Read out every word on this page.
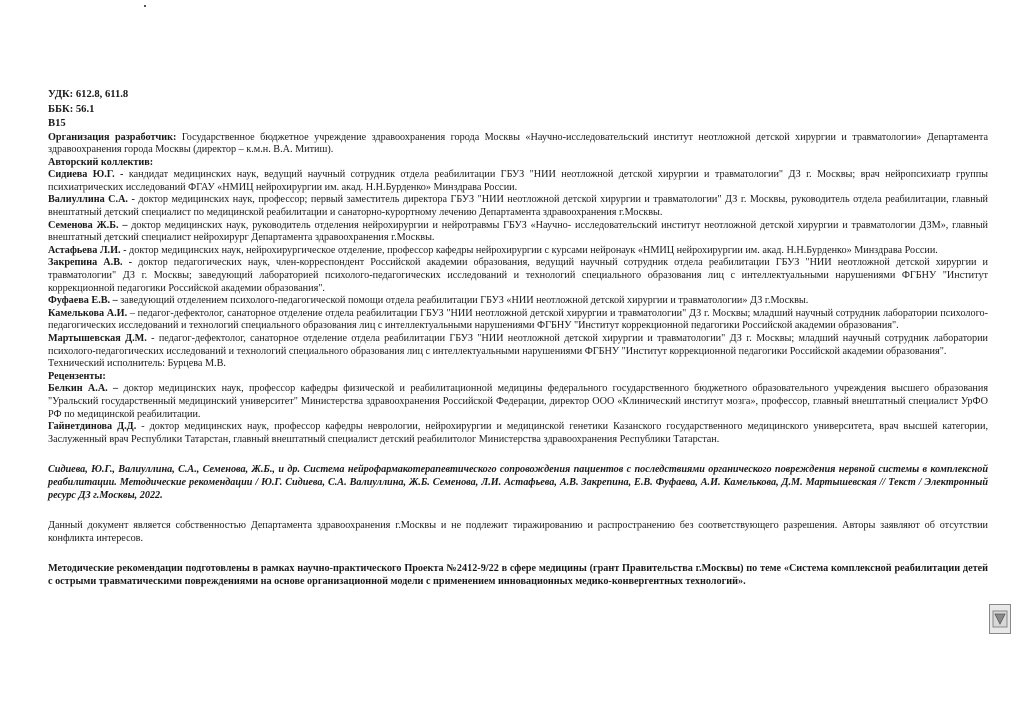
УДК: 612.8, 611.8
ББК: 56.1
В15

Организация разработчик: Государственное бюджетное учреждение здравоохранения города Москвы «Научно-исследовательский институт неотложной детской хирургии и травматологии» Департамента здравоохранения города Москвы (директор – к.м.н. В.А. Митиш).

Авторский коллектив:

Сидиева Ю.Г. - кандидат медицинских наук, ведущий научный сотрудник отдела реабилитации ГБУЗ "НИИ неотложной детской хирургии и травматологии" ДЗ г. Москвы; врач нейропсихиатр группы психиатрических исследований ФГАУ «НМИЦ нейрохирургии им. акад. Н.Н.Бурденко» Минздрава России.

Валиуллина С.А. - доктор медицинских наук, профессор; первый заместитель директора ГБУЗ "НИИ неотложной детской хирургии и травматологии" ДЗ г. Москвы, руководитель отдела реабилитации, главный внештатный детский специалист по медицинской реабилитации и санаторно-курортному лечению Департамента здравоохранения г.Москвы.

Семенова Ж.Б. – доктор медицинских наук, руководитель отделения нейрохирургии и нейротравмы ГБУЗ «Научно- исследовательский институт неотложной детской хирургии и травматологии ДЗМ», главный внештатный детский специалист нейрохирург Департамента здравоохранения г.Москвы.

Астафьева Л.И. - доктор медицинских наук, нейрохирургическое отделение, профессор кафедры нейрохирургии с курсами нейронаук «НМИЦ нейрохирургии им. акад. Н.Н.Бурденко» Минздрава России.

Закрепина А.В. - доктор педагогических наук, член-корреспондент Российской академии образования, ведущий научный сотрудник отдела реабилитации ГБУЗ "НИИ неотложной детской хирургии и травматологии" ДЗ г. Москвы; заведующий лабораторией психолого-педагогических исследований и технологий специального образования лиц с интеллектуальными нарушениями ФГБНУ "Институт коррекционной педагогики Российской академии образования".

Фуфаева Е.В. – заведующий отделением психолого-педагогической помощи отдела реабилитации ГБУЗ «НИИ неотложной детской хирургии и травматологии» ДЗ г.Москвы.

Камелькова А.И. – педагог-дефектолог, санаторное отделение отдела реабилитации ГБУЗ "НИИ неотложной детской хирургии и травматологии" ДЗ г. Москвы; младший научный сотрудник лаборатории психолого-педагогических исследований и технологий специального образования лиц с интеллектуальными нарушениями ФГБНУ "Институт коррекционной педагогики Российской академии образования".

Мартышевская Д.М. - педагог-дефектолог, санаторное отделение отдела реабилитации ГБУЗ "НИИ неотложной детской хирургии и травматологии" ДЗ г. Москвы; младший научный сотрудник лаборатории психолого-педагогических исследований и технологий специального образования лиц с интеллектуальными нарушениями ФГБНУ "Институт коррекционной педагогики Российской академии образования".

Технический исполнитель: Бурцева М.В.
Рецензенты:

Белкин А.А. – доктор медицинских наук, профессор кафедры физической и реабилитационной медицины федерального государственного бюджетного образовательного учреждения высшего образования "Уральский государственный медицинский университет" Министерства здравоохранения Российской Федерации, директор ООО «Клинический институт мозга», профессор, главный внештатный специалист УрФО РФ по медицинской реабилитации.

Гайнетдинова Д.Д. - доктор медицинских наук, профессор кафедры неврологии, нейрохирургии и медицинской генетики Казанского государственного медицинского университета, врач высшей категории, Заслуженный врач Республики Татарстан, главный внештатный специалист детский реабилитолог Министерства здравоохранения Республики Татарстан.

Сидиева, Ю.Г., Валиуллина, С.А., Семенова, Ж.Б., и др. Система нейрофармакотерапевтического сопровождения пациентов с последствиями органического повреждения нервной системы в комплексной реабилитации. Методические рекомендации / Ю.Г. Сидиева, С.А. Валиуллина, Ж.Б. Семенова, Л.И. Астафьева, А.В. Закрепина, Е.В. Фуфаева, А.И. Камелькова, Д.М. Мартышевская // Текст / Электронный ресурс ДЗ г.Москвы, 2022.

Данный документ является собственностью Департамента здравоохранения г.Москвы и не подлежит тиражированию и распространению без соответствующего разрешения. Авторы заявляют об отсутствии конфликта интересов.

Методические рекомендации подготовлены в рамках научно-практического Проекта №2412-9/22 в сфере медицины (грант Правительства г.Москвы) по теме «Система комплексной реабилитации детей с острыми травматическими повреждениями на основе организационной модели с применением инновационных медико-конвергентных технологий».
